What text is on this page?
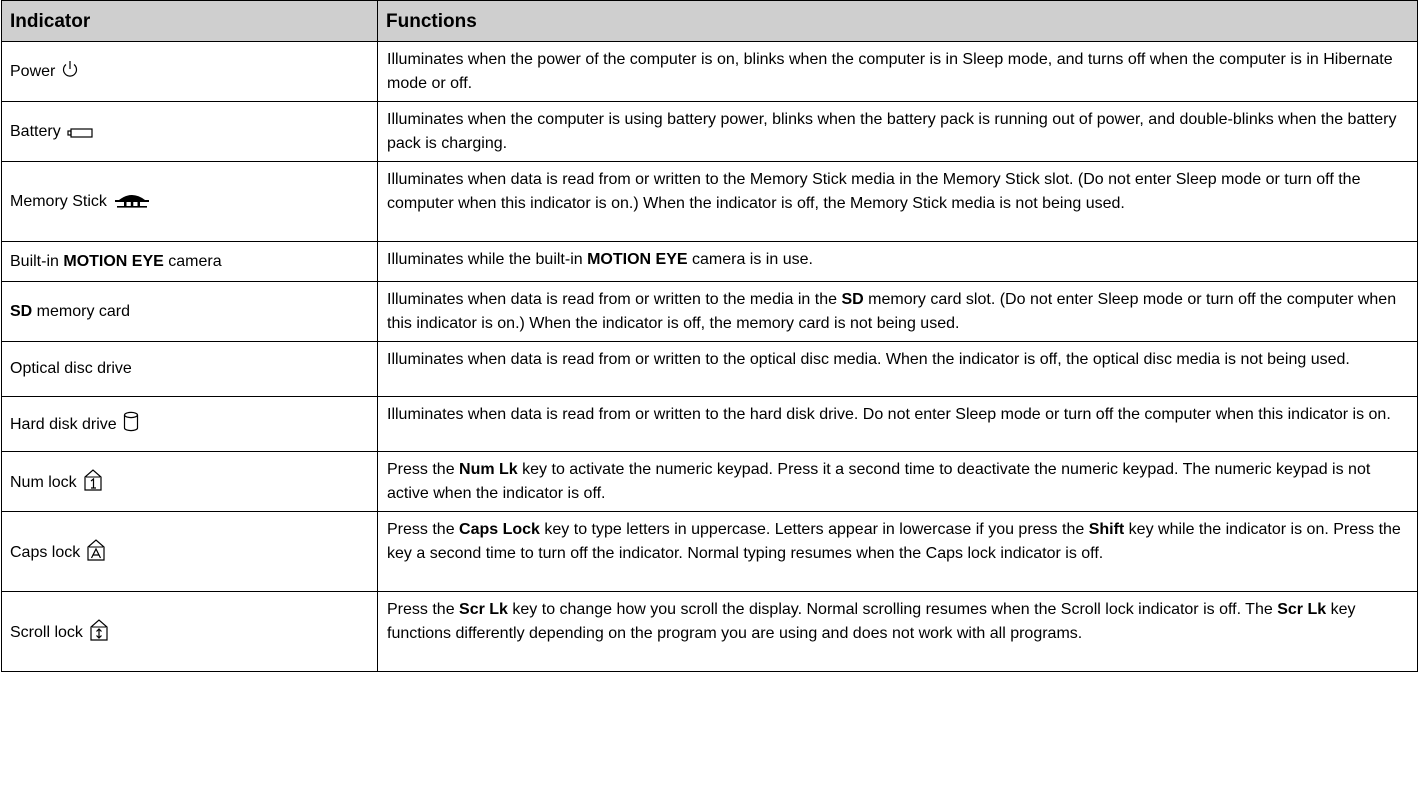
Indicator	Functions
Power	Illuminates when the power of the computer is on, blinks when the computer is in Sleep mode, and turns off when the computer is in Hibernate mode or off.
Battery	Illuminates when the computer is using battery power, blinks when the battery pack is running out of power, and double-blinks when the battery pack is charging.
Memory Stick	Illuminates when data is read from or written to the Memory Stick media in the Memory Stick slot. (Do not enter Sleep mode or turn off the computer when this indicator is on.) When the indicator is off, the Memory Stick media is not being used.
Built-in MOTION EYE camera	Illuminates while the built-in MOTION EYE camera is in use.
SD memory card	Illuminates when data is read from or written to the media in the SD memory card slot. (Do not enter Sleep mode or turn off the computer when this indicator is on.) When the indicator is off, the memory card is not being used.
Optical disc drive	Illuminates when data is read from or written to the optical disc media. When the indicator is off, the optical disc media is not being used.
Hard disk drive	Illuminates when data is read from or written to the hard disk drive. Do not enter Sleep mode or turn off the computer when this indicator is on.
Num lock	Press the Num Lk key to activate the numeric keypad. Press it a second time to deactivate the numeric keypad. The numeric keypad is not active when the indicator is off.
Caps lock	Press the Caps Lock key to type letters in uppercase. Letters appear in lowercase if you press the Shift key while the indicator is on. Press the key a second time to turn off the indicator. Normal typing resumes when the Caps lock indicator is off.
Scroll lock	Press the Scr Lk key to change how you scroll the display. Normal scrolling resumes when the Scroll lock indicator is off. The Scr Lk key functions differently depending on the program you are using and does not work with all programs.
